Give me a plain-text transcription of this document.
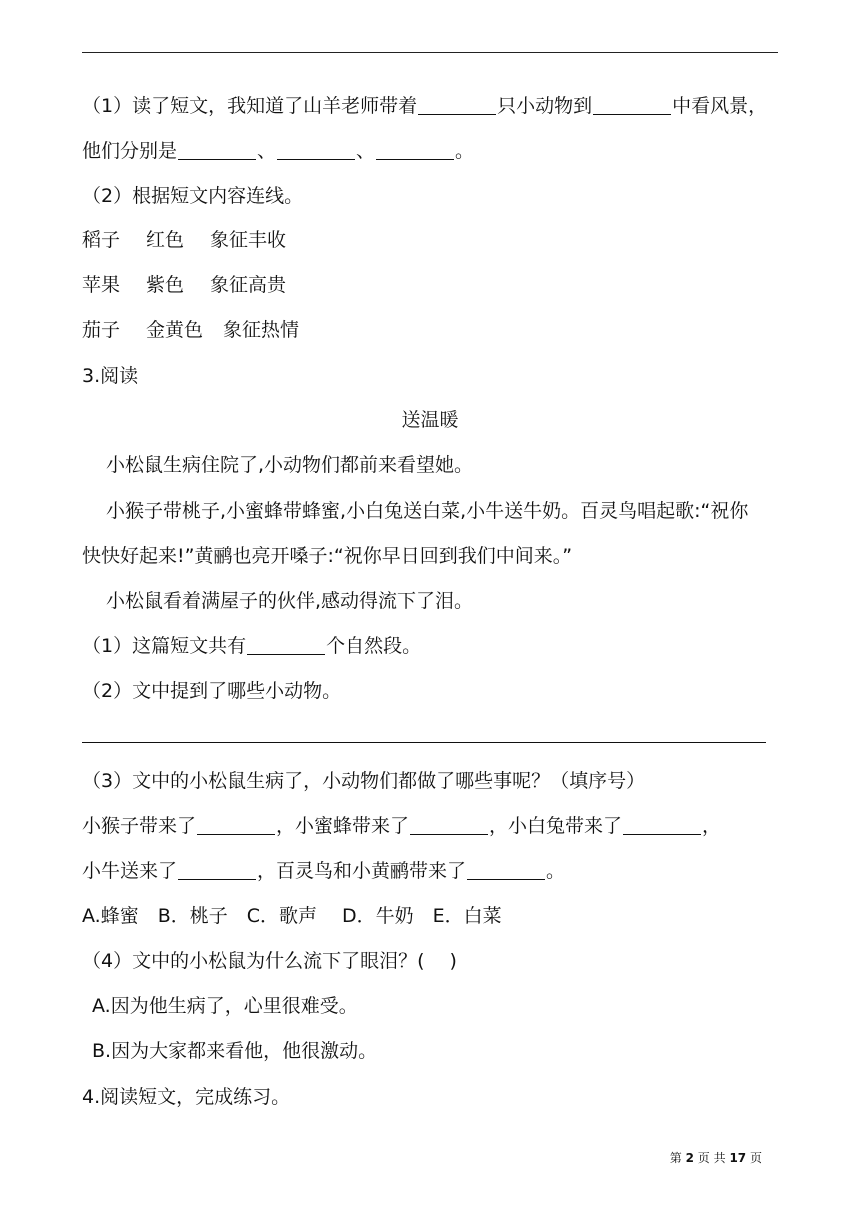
（1）读了短文，我知道了山羊老师带着	只小动物到	中看风景，
他们分别是	、	、	。
（2）根据短文内容连线。
稻子 红色 象征丰收
苹果 紫色 象征高贵
茄子 金黄色 象征热情
3.阅读
送温暖
小松鼠生病住院了,小动物们都前来看望她。
小猴子带桃子,小蜜蜂带蜂蜜,小白兔送白菜,小牛送牛奶。百灵鸟唱起歌:“祝你
快快好起来!”黄鹂也亮开嗓子:“祝你早日回到我们中间来。”
小松鼠看着满屋子的伙伴,感动得流下了泪。
（1）这篇短文共有	个自然段。
（2）文中提到了哪些小动物。
（3）文中的小松鼠生病了，小动物们都做了哪些事呢？（填序号）
小猴子带来了	，小蜜蜂带来了	，小白兔带来了	，
小牛送来了	，百灵鸟和小黄鹂带来了	。
A.蜂蜜　B．桃子　C．歌声　 D．牛奶　E．白菜
（4）文中的小松鼠为什么流下了眼泪？(　 )
A.因为他生病了，心里很难受。
B.因为大家都来看他，他很激动。
4.阅读短文，完成练习。
第 2 页 共 17 页
